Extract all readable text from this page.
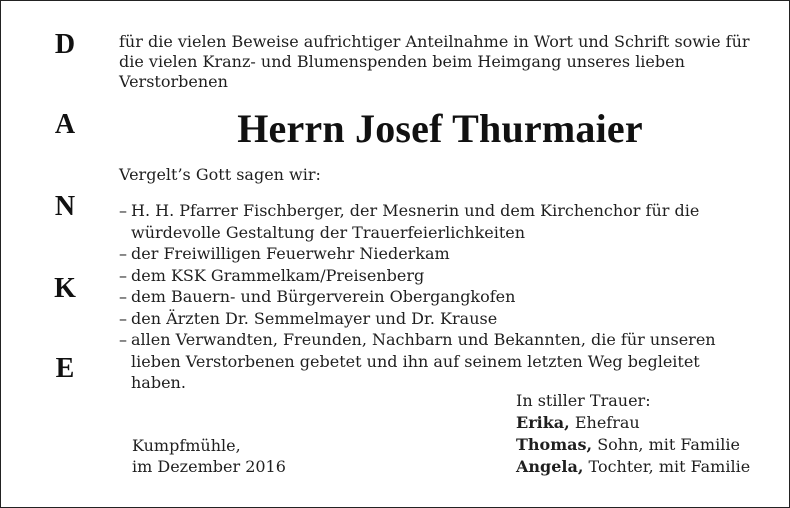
D
A
N
K
E
für die vielen Beweise aufrichtiger Anteilnahme in Wort und Schrift sowie für die vielen Kranz- und Blumenspenden beim Heimgang unseres lieben Verstorbenen
Herrn Josef Thurmaier
Vergelt’s Gott sagen wir:
– H. H. Pfarrer Fischberger, der Mesnerin und dem Kirchenchor für die würdevolle Gestaltung der Trauerfeierlichkeiten
– der Freiwilligen Feuerwehr Niederkam
– dem KSK Grammelkam/Preisenberg
– dem Bauern- und Bürgerverein Obergangkofen
– den Ärzten Dr. Semmelmayer und Dr. Krause
– allen Verwandten, Freunden, Nachbarn und Bekannten, die für unseren lieben Verstorbenen gebetet und ihn auf seinem letzten Weg begleitet haben.
Kumpfmühle,
im Dezember 2016
In stiller Trauer:
Erika, Ehefrau
Thomas, Sohn, mit Familie
Angela, Tochter, mit Familie
